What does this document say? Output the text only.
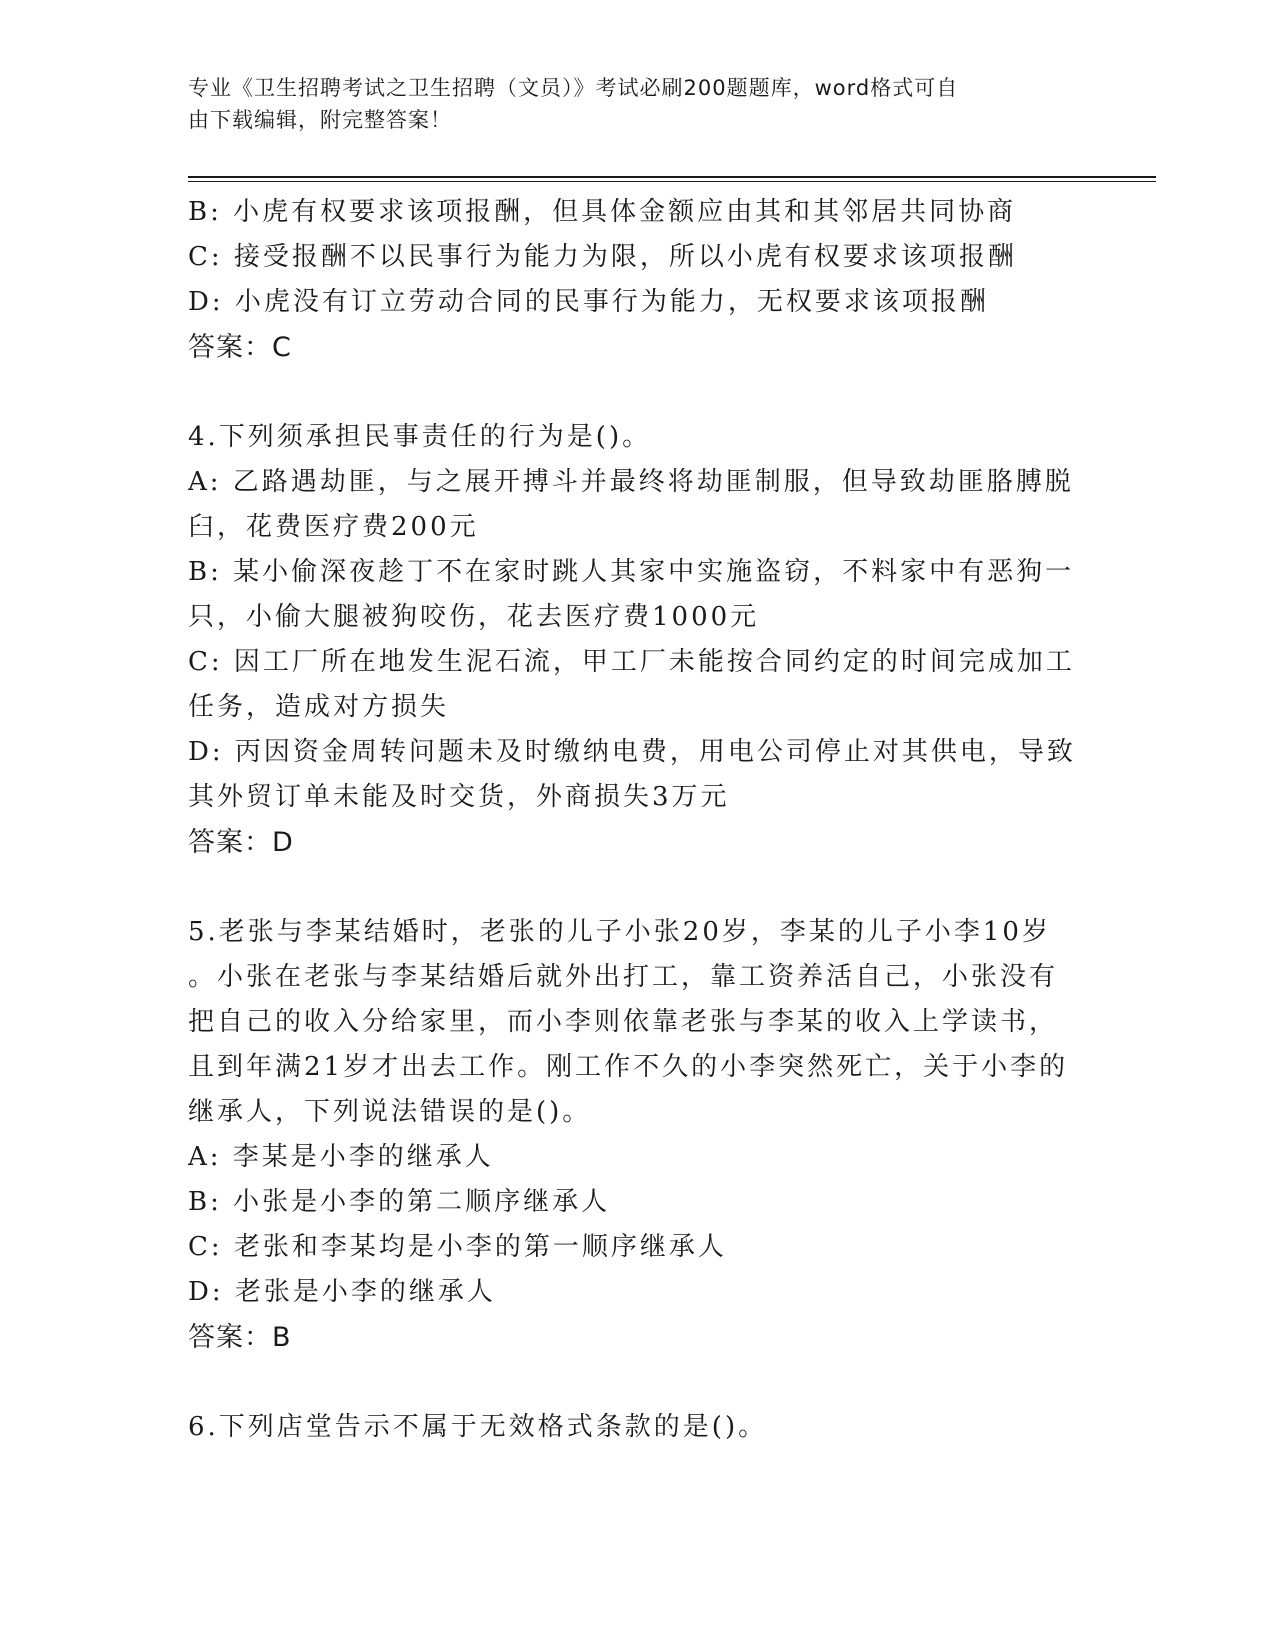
专业《卫生招聘考试之卫生招聘（文员）》考试必刷200题题库，word格式可自
由下载编辑，附完整答案！
B: 小虎有权要求该项报酬，但具体金额应由其和其邻居共同协商
C: 接受报酬不以民事行为能力为限，所以小虎有权要求该项报酬
D: 小虎没有订立劳动合同的民事行为能力，无权要求该项报酬
答案：C
4.下列须承担民事责任的行为是()。
A: 乙路遇劫匪，与之展开搏斗并最终将劫匪制服，但导致劫匪胳膊脱
臼，花费医疗费200元
B: 某小偷深夜趁丁不在家时跳人其家中实施盗窃，不料家中有恶狗一
只，小偷大腿被狗咬伤，花去医疗费1000元
C: 因工厂所在地发生泥石流，甲工厂未能按合同约定的时间完成加工
任务，造成对方损失
D: 丙因资金周转问题未及时缴纳电费，用电公司停止对其供电，导致
其外贸订单未能及时交货，外商损失3万元
答案：D
5.老张与李某结婚时，老张的儿子小张20岁，李某的儿子小李10岁
。小张在老张与李某结婚后就外出打工，靠工资养活自己，小张没有
把自己的收入分给家里，而小李则依靠老张与李某的收入上学读书，
且到年满21岁才出去工作。刚工作不久的小李突然死亡，关于小李的
继承人，下列说法错误的是()。
A: 李某是小李的继承人
B: 小张是小李的第二顺序继承人
C: 老张和李某均是小李的第一顺序继承人
D: 老张是小李的继承人
答案：B
6.下列店堂告示不属于无效格式条款的是()。
